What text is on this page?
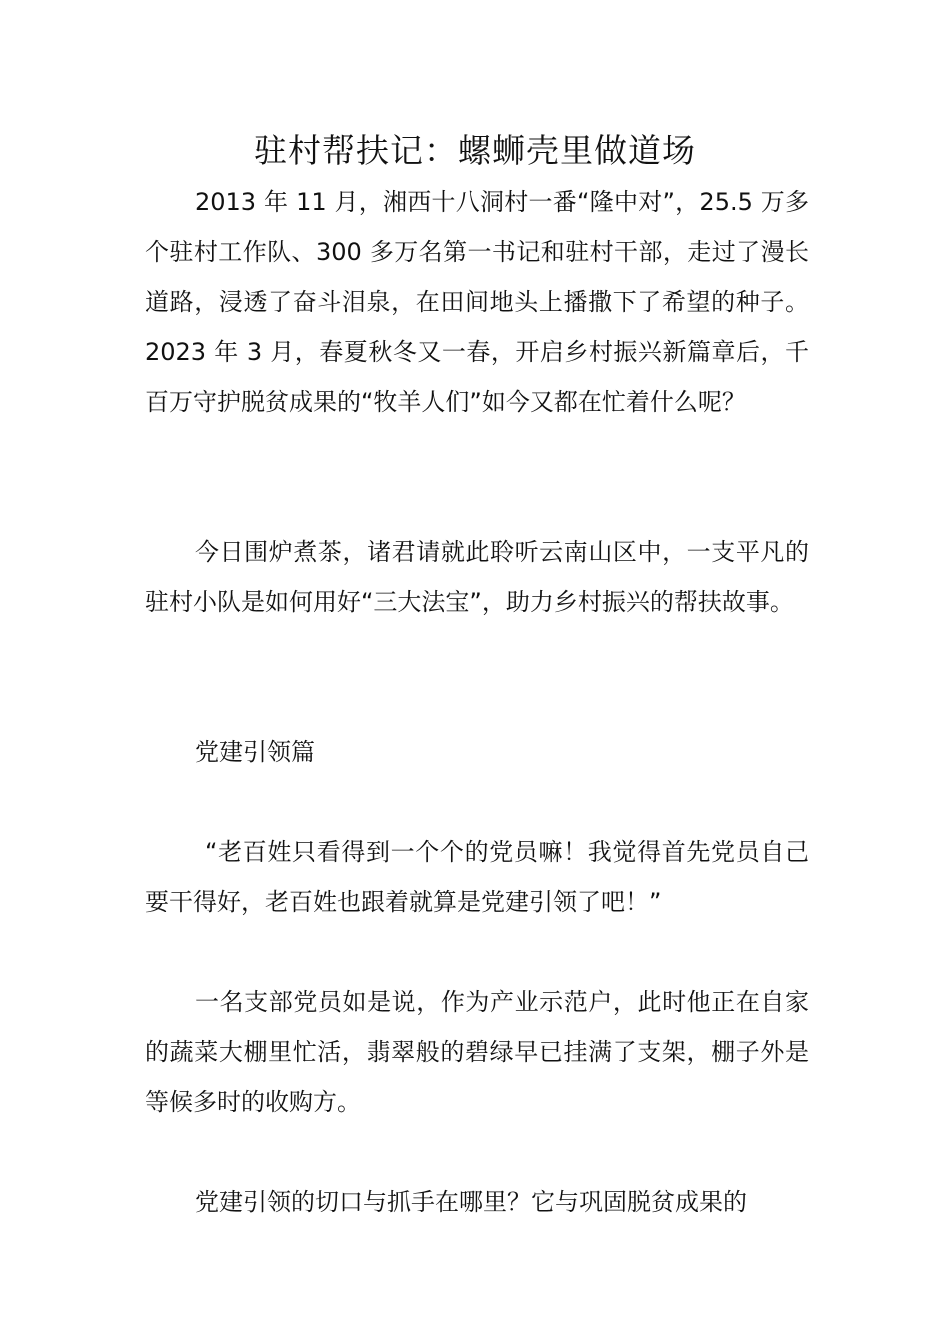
驻村帮扶记：螺蛳壳里做道场

2013 年 11 月，湘西十八洞村一番“隆中对”，25.5 万多个驻村工作队、300 多万名第一书记和驻村干部，走过了漫长道路，浸透了奋斗泪泉，在田间地头上播撒下了希望的种子。2023 年 3 月，春夏秋冬又一春，开启乡村振兴新篇章后，千百万守护脱贫成果的“牧羊人们”如今又都在忙着什么呢？

今日围炉煮茶，诸君请就此聆听云南山区中，一支平凡的驻村小队是如何用好“三大法宝”，助力乡村振兴的帮扶故事。

党建引领篇

“老百姓只看得到一个个的党员嘛！我觉得首先党员自己要干得好，老百姓也跟着就算是党建引领了吧！”

一名支部党员如是说，作为产业示范户，此时他正在自家的蔬菜大棚里忙活，翡翠般的碧绿早已挂满了支架，棚子外是等候多时的收购方。

党建引领的切口与抓手在哪里？它与巩固脱贫成果的
